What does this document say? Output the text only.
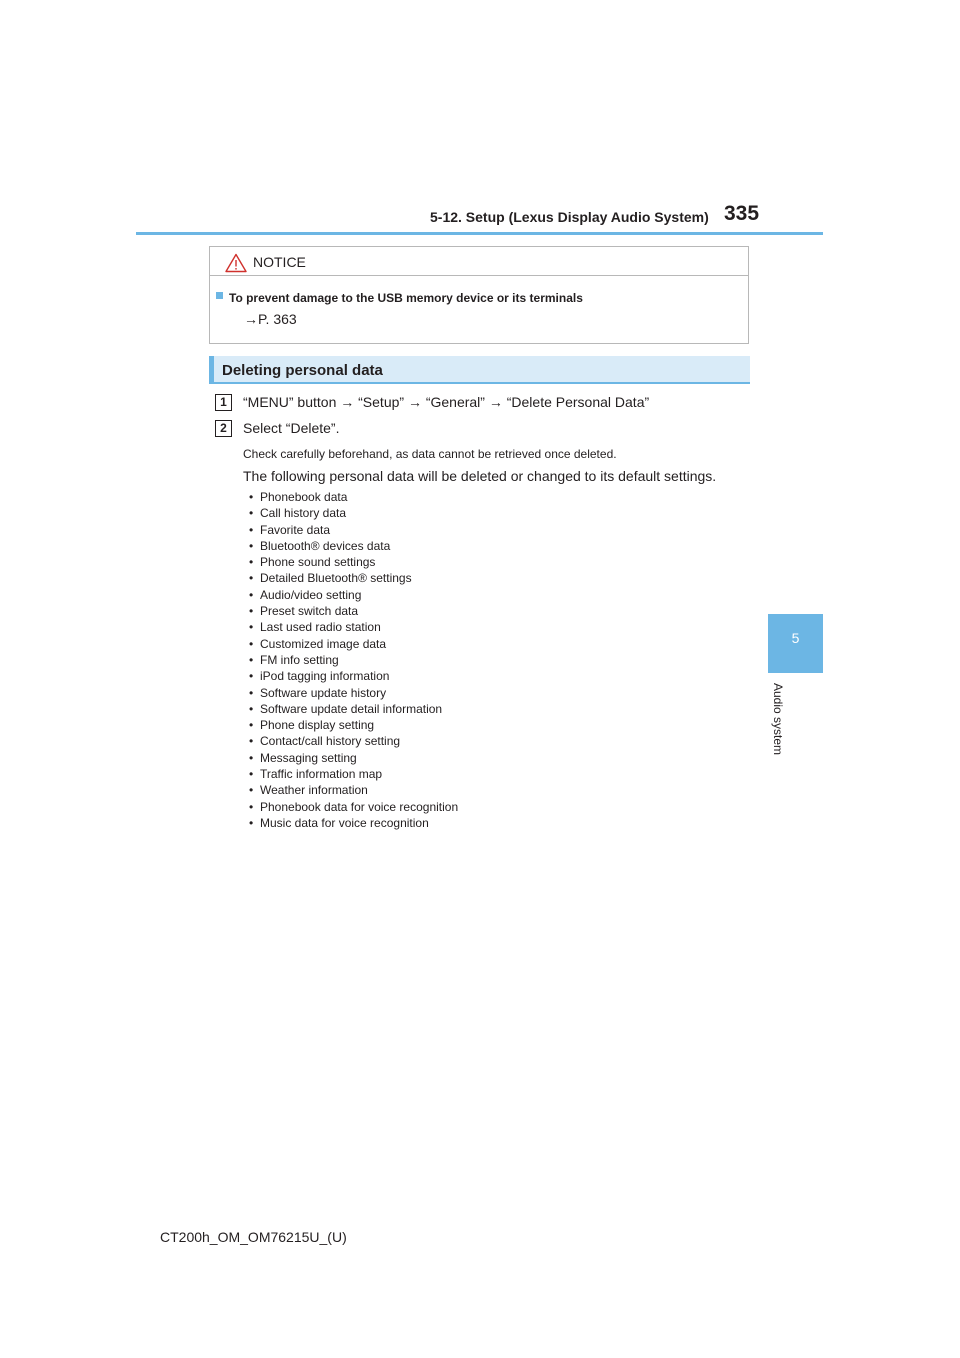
5-12. Setup (Lexus Display Audio System) 335
5
Audio system
NOTICE
To prevent damage to the USB memory device or its terminals
→P. 363
Deleting personal data
1	“MENU” button → “Setup” → “General” → “Delete Personal Data”
2	Select “Delete”.
Check carefully beforehand, as data cannot be retrieved once deleted.
The following personal data will be deleted or changed to its default settings.
• Phonebook data
• Call history data
• Favorite data
• Bluetooth® devices data
• Phone sound settings
• Detailed Bluetooth® settings
• Audio/video setting
• Preset switch data
• Last used radio station
• Customized image data
• FM info setting
• iPod tagging information
• Software update history
• Software update detail information
• Phone display setting
• Contact/call history setting
• Messaging setting
• Traffic information map
• Weather information
• Phonebook data for voice recognition
• Music data for voice recognition
CT200h_OM_OM76215U_(U)
